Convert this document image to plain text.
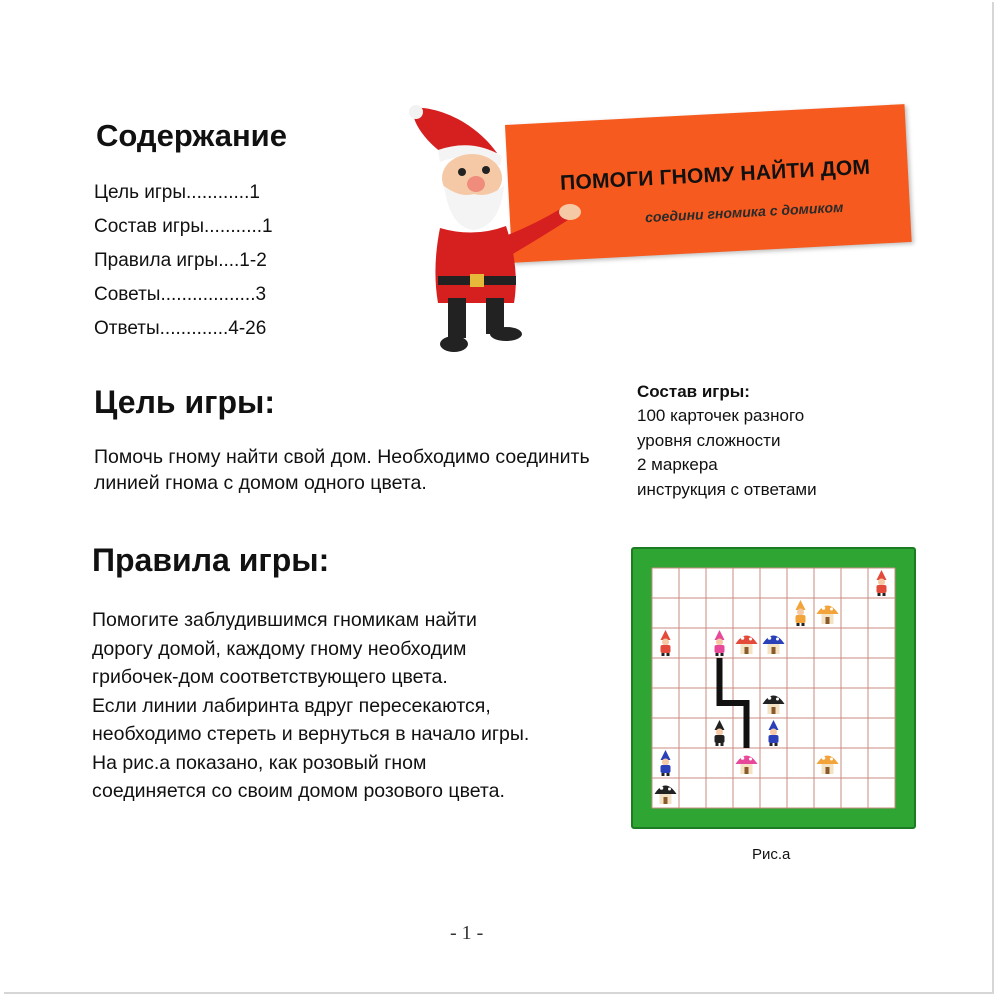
Содержание
Цель игры............1
Состав игры...........1
Правила игры....1-2
Советы..................3
Ответы.............4-26
ПОМОГИ ГНОМУ НАЙТИ ДОМ
соедини гномика с домиком
Цель игры:
Помочь гному найти свой дом. Необходимо соединить линией гнома с домом одного цвета.
Состав игры:
100 карточек разного
уровня сложности
2 маркера
инструкция с ответами
Правила игры:
Помогите заблудившимся гномикам найти
дорогу домой, каждому гному необходим
грибочек-дом соответствующего цвета.
Если линии лабиринта вдруг пересекаются,
необходимо стереть и вернуться в начало игры.
На рис.а показано, как розовый гном
соединяется со своим домом розового цвета.
Рис.а
- 1 -
